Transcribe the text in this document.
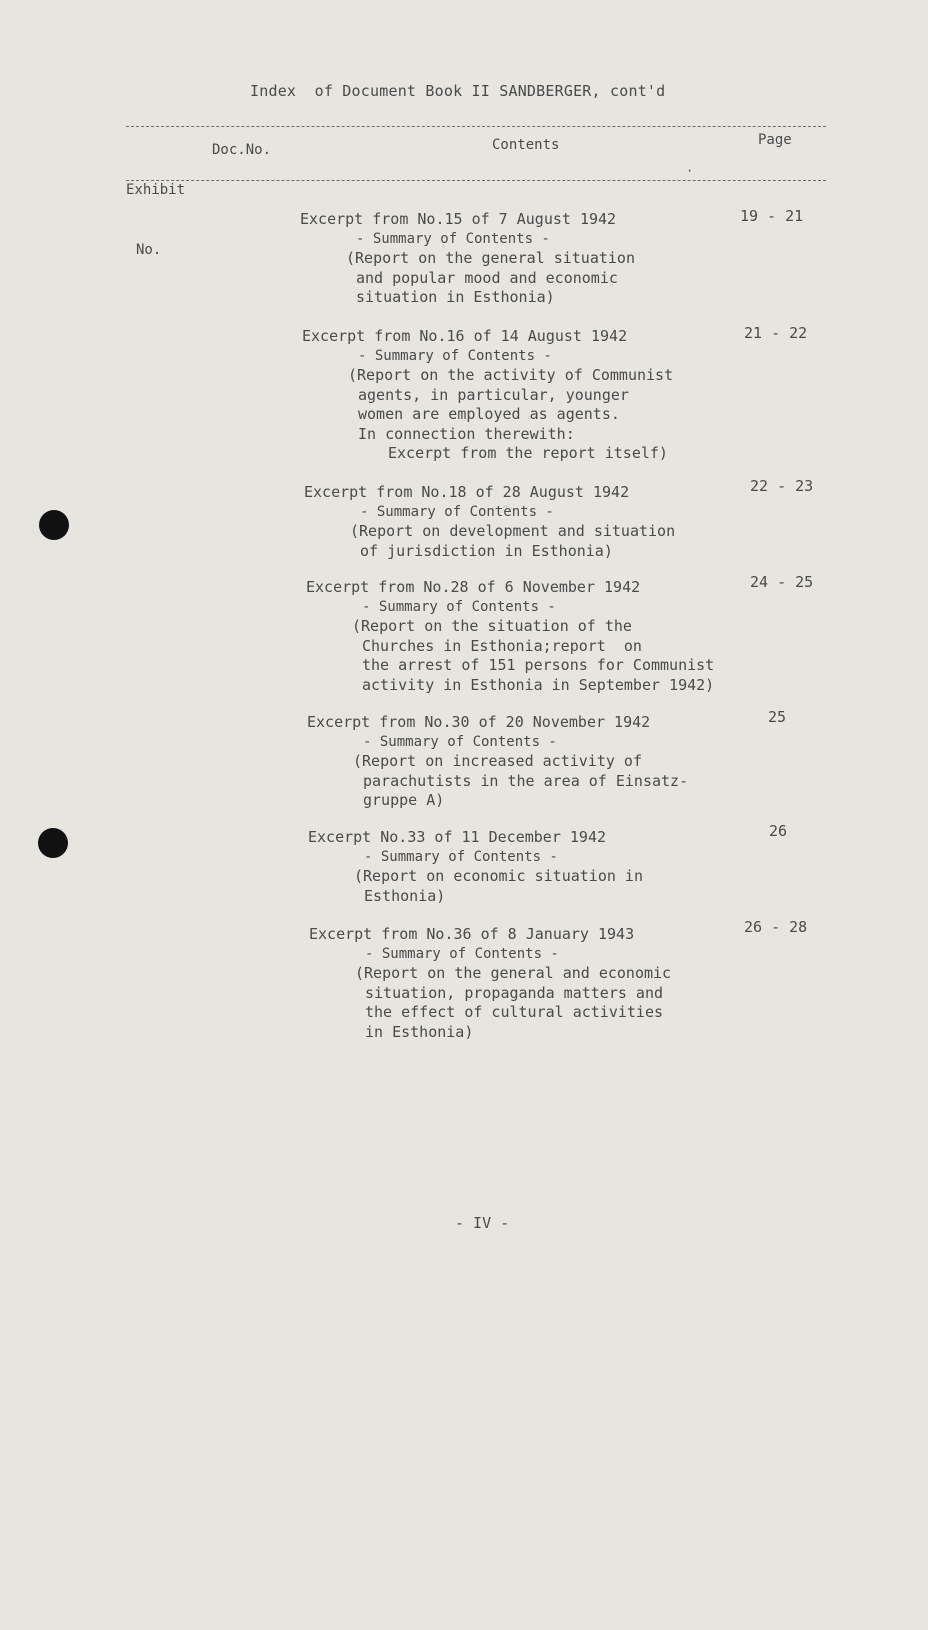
Index  of Document Book II SANDBERGER, cont'd

Exhibit

No.

Doc.No.	Contents	Page
·
Excerpt from No.15 of 7 August 1942
- Summary of Contents -
(Report on the general situation
and popular mood and economic
situation in Esthonia)
19 - 21
Excerpt from No.16 of 14 August 1942
- Summary of Contents -
(Report on the activity of Communist
agents, in particular, younger
women are employed as agents.
In connection therewith:
Excerpt from the report itself)
21 - 22
Excerpt from No.18 of 28 August 1942
- Summary of Contents -
(Report on development and situation
of jurisdiction in Esthonia)
22 - 23
Excerpt from No.28 of 6 November 1942
- Summary of Contents -
(Report on the situation of the
Churches in Esthonia;report  on
the arrest of 151 persons for Communist
activity in Esthonia in September 1942)
24 - 25
Excerpt from No.30 of 20 November 1942
- Summary of Contents -
(Report on increased activity of
parachutists in the area of Einsatz-
gruppe A)
25
Excerpt No.33 of 11 December 1942
- Summary of Contents -
(Report on economic situation in
Esthonia)
26
Excerpt from No.36 of 8 January 1943
- Summary of Contents -
(Report on the general and economic
situation, propaganda matters and
the effect of cultural activities
in Esthonia)
26 - 28
- IV -
